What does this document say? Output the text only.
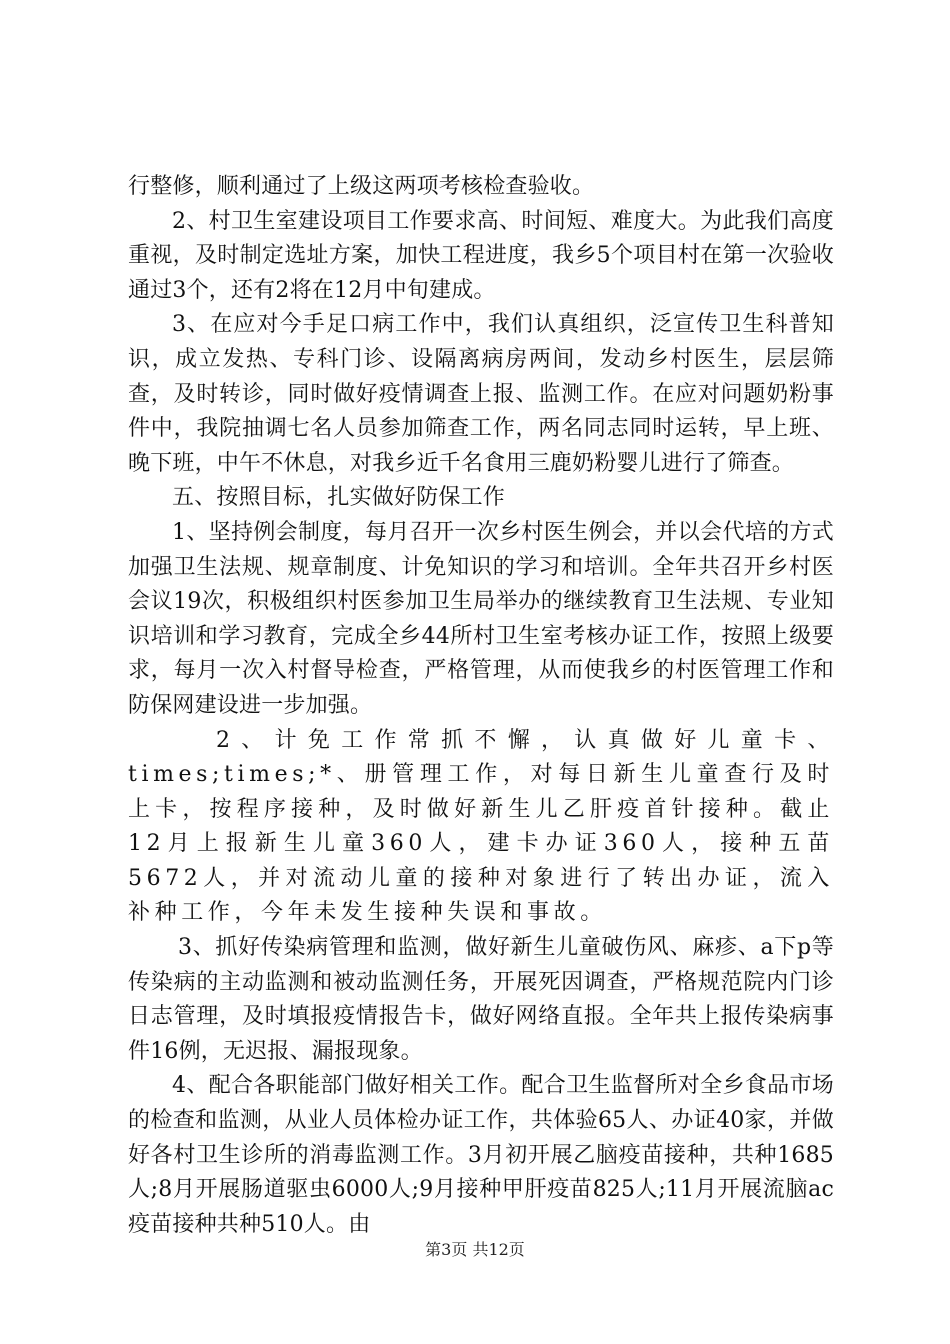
行整修，顺利通过了上级这两项考核检查验收。

2、村卫生室建设项目工作要求高、时间短、难度大。为此我们高度重视，及时制定选址方案，加快工程进度，我乡5个项目村在第一次验收通过3个，还有2将在12月中旬建成。

3、在应对今手足口病工作中，我们认真组织，泛宣传卫生科普知识，成立发热、专科门诊、设隔离病房两间，发动乡村医生，层层筛查，及时转诊，同时做好疫情调查上报、监测工作。在应对问题奶粉事件中，我院抽调七名人员参加筛查工作，两名同志同时运转，早上班、晚下班，中午不休息，对我乡近千名食用三鹿奶粉婴儿进行了筛查。

五、按照目标，扎实做好防保工作

1、坚持例会制度，每月召开一次乡村医生例会，并以会代培的方式加强卫生法规、规章制度、计免知识的学习和培训。全年共召开乡村医会议19次，积极组织村医参加卫生局举办的继续教育卫生法规、专业知识培训和学习教育，完成全乡44所村卫生室考核办证工作，按照上级要求，每月一次入村督导检查，严格管理，从而使我乡的村医管理工作和防保网建设进一步加强。

2、计免工作常抓不懈，认真做好儿童卡、times;times;*、册管理工作，对每日新生儿童查行及时上卡，按程序接种，及时做好新生儿乙肝疫首针接种。截止12月上报新生儿童360人，建卡办证360人，接种五苗5672人，并对流动儿童的接种对象进行了转出办证，流入补种工作，今年未发生接种失误和事故。

3、抓好传染病管理和监测，做好新生儿童破伤风、麻疹、a下p等传染病的主动监测和被动监测任务，开展死因调查，严格规范院内门诊日志管理，及时填报疫情报告卡，做好网络直报。全年共上报传染病事件16例，无迟报、漏报现象。

4、配合各职能部门做好相关工作。配合卫生监督所对全乡食品市场的检查和监测，从业人员体检办证工作，共体验65人、办证40家，并做好各村卫生诊所的消毒监测工作。3月初开展乙脑疫苗接种，共种1685人;8月开展肠道驱虫6000人;9月接种甲肝疫苗825人;11月开展流脑ac疫苗接种共种510人。由

第3页 共12页
